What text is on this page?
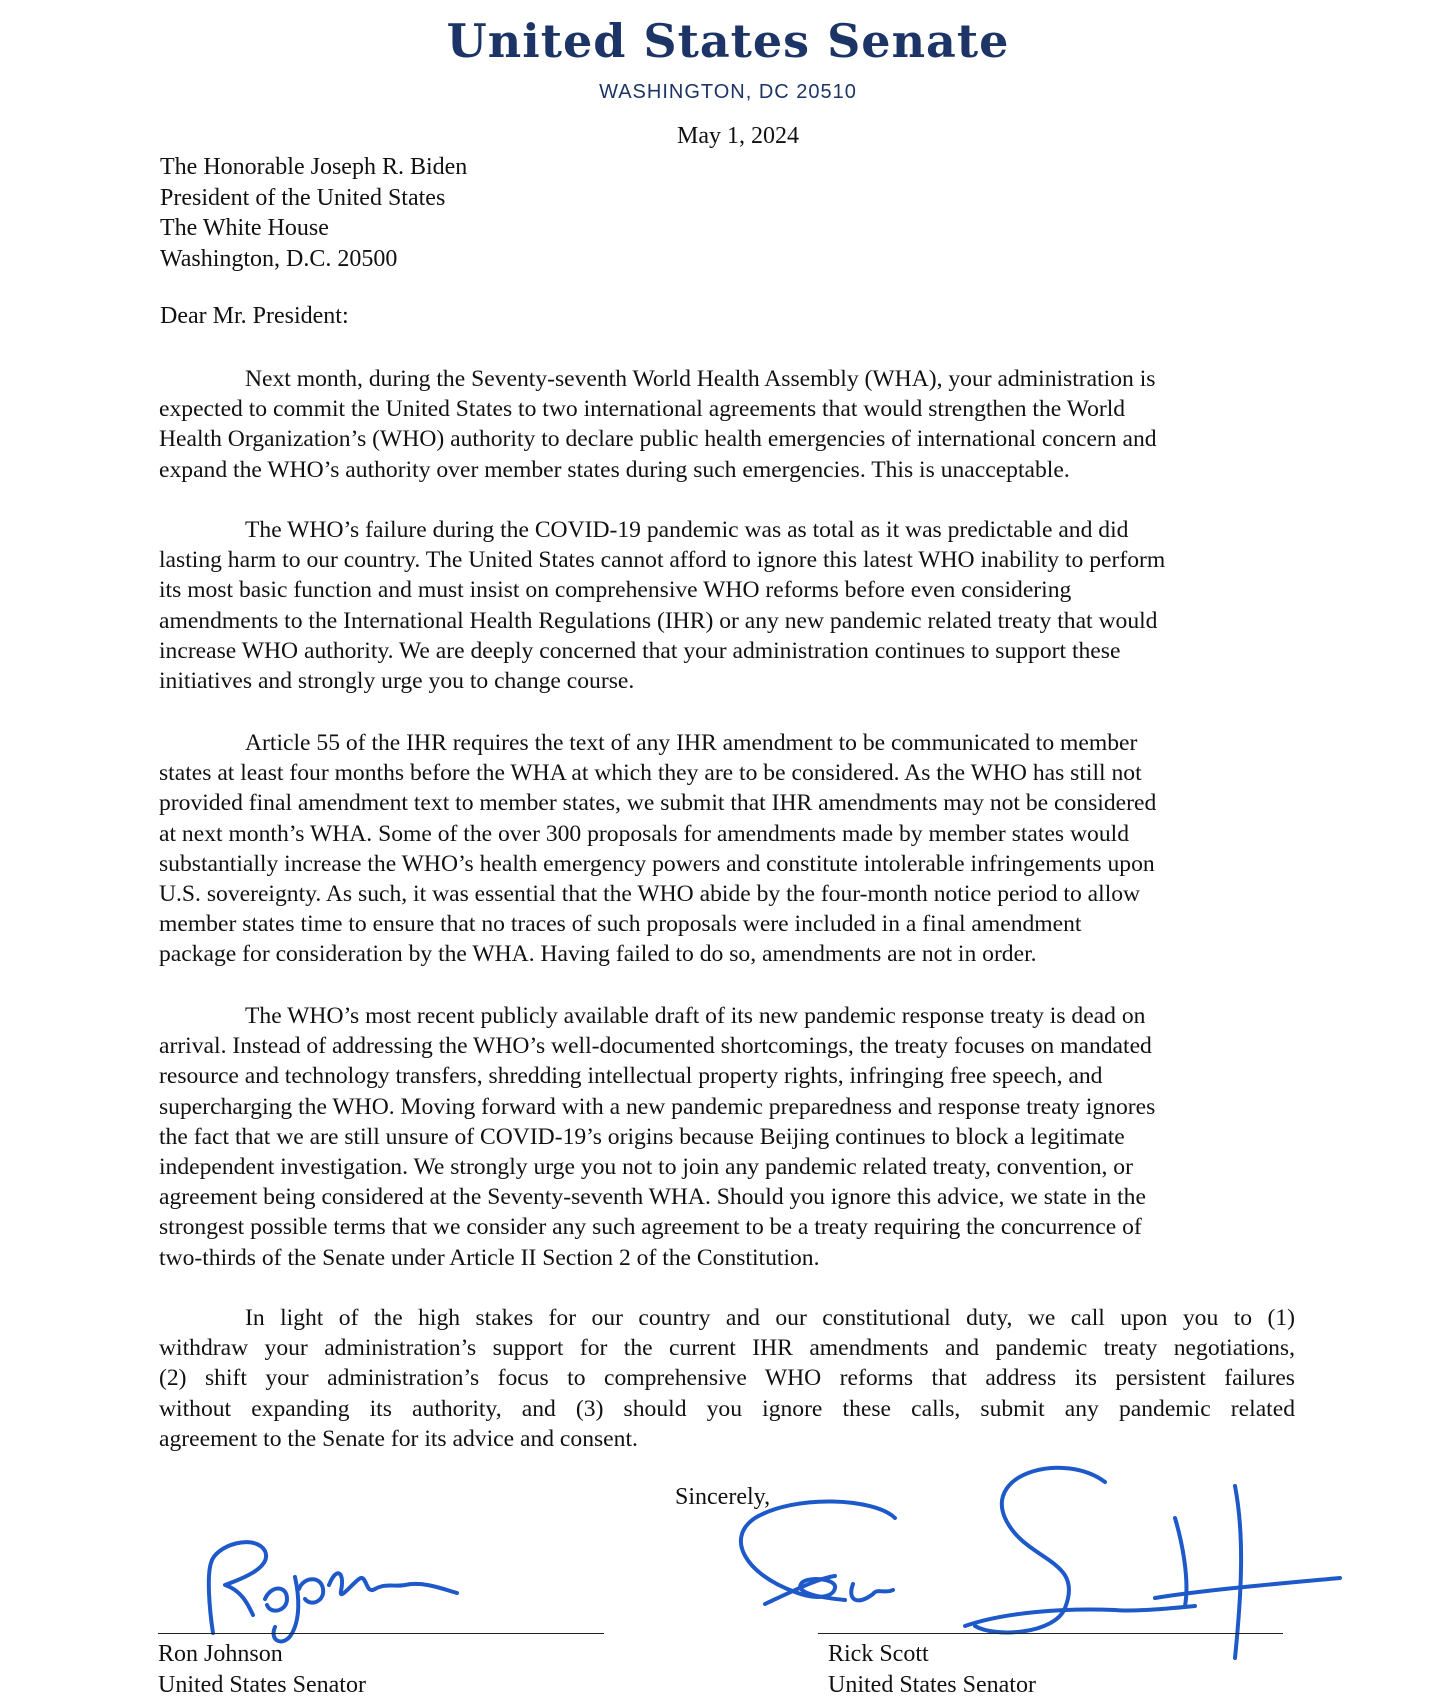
United States Senate
WASHINGTON, DC 20510
May 1, 2024
The Honorable Joseph R. Biden
President of the United States
The White House
Washington, D.C. 20500
Dear Mr. President:
Next month, during the Seventy-seventh World Health Assembly (WHA), your administration is
expected to commit the United States to two international agreements that would strengthen the World
Health Organization’s (WHO) authority to declare public health emergencies of international concern and
expand the WHO’s authority over member states during such emergencies. This is unacceptable.
The WHO’s failure during the COVID-19 pandemic was as total as it was predictable and did
lasting harm to our country. The United States cannot afford to ignore this latest WHO inability to perform
its most basic function and must insist on comprehensive WHO reforms before even considering
amendments to the International Health Regulations (IHR) or any new pandemic related treaty that would
increase WHO authority. We are deeply concerned that your administration continues to support these
initiatives and strongly urge you to change course.
Article 55 of the IHR requires the text of any IHR amendment to be communicated to member
states at least four months before the WHA at which they are to be considered. As the WHO has still not
provided final amendment text to member states, we submit that IHR amendments may not be considered
at next month’s WHA. Some of the over 300 proposals for amendments made by member states would
substantially increase the WHO’s health emergency powers and constitute intolerable infringements upon
U.S. sovereignty. As such, it was essential that the WHO abide by the four-month notice period to allow
member states time to ensure that no traces of such proposals were included in a final amendment
package for consideration by the WHA. Having failed to do so, amendments are not in order.
The WHO’s most recent publicly available draft of its new pandemic response treaty is dead on
arrival. Instead of addressing the WHO’s well-documented shortcomings, the treaty focuses on mandated
resource and technology transfers, shredding intellectual property rights, infringing free speech, and
supercharging the WHO. Moving forward with a new pandemic preparedness and response treaty ignores
the fact that we are still unsure of COVID-19’s origins because Beijing continues to block a legitimate
independent investigation. We strongly urge you not to join any pandemic related treaty, convention, or
agreement being considered at the Seventy-seventh WHA. Should you ignore this advice, we state in the
strongest possible terms that we consider any such agreement to be a treaty requiring the concurrence of
two-thirds of the Senate under Article II Section 2 of the Constitution.
In light of the high stakes for our country and our constitutional duty, we call upon you to (1)
withdraw your administration’s support for the current IHR amendments and pandemic treaty negotiations,
(2) shift your administration’s focus to comprehensive WHO reforms that address its persistent failures
without expanding its authority, and (3) should you ignore these calls, submit any pandemic related
agreement to the Senate for its advice and consent.
Sincerely,
Ron Johnson
United States Senator
Rick Scott
United States Senator
